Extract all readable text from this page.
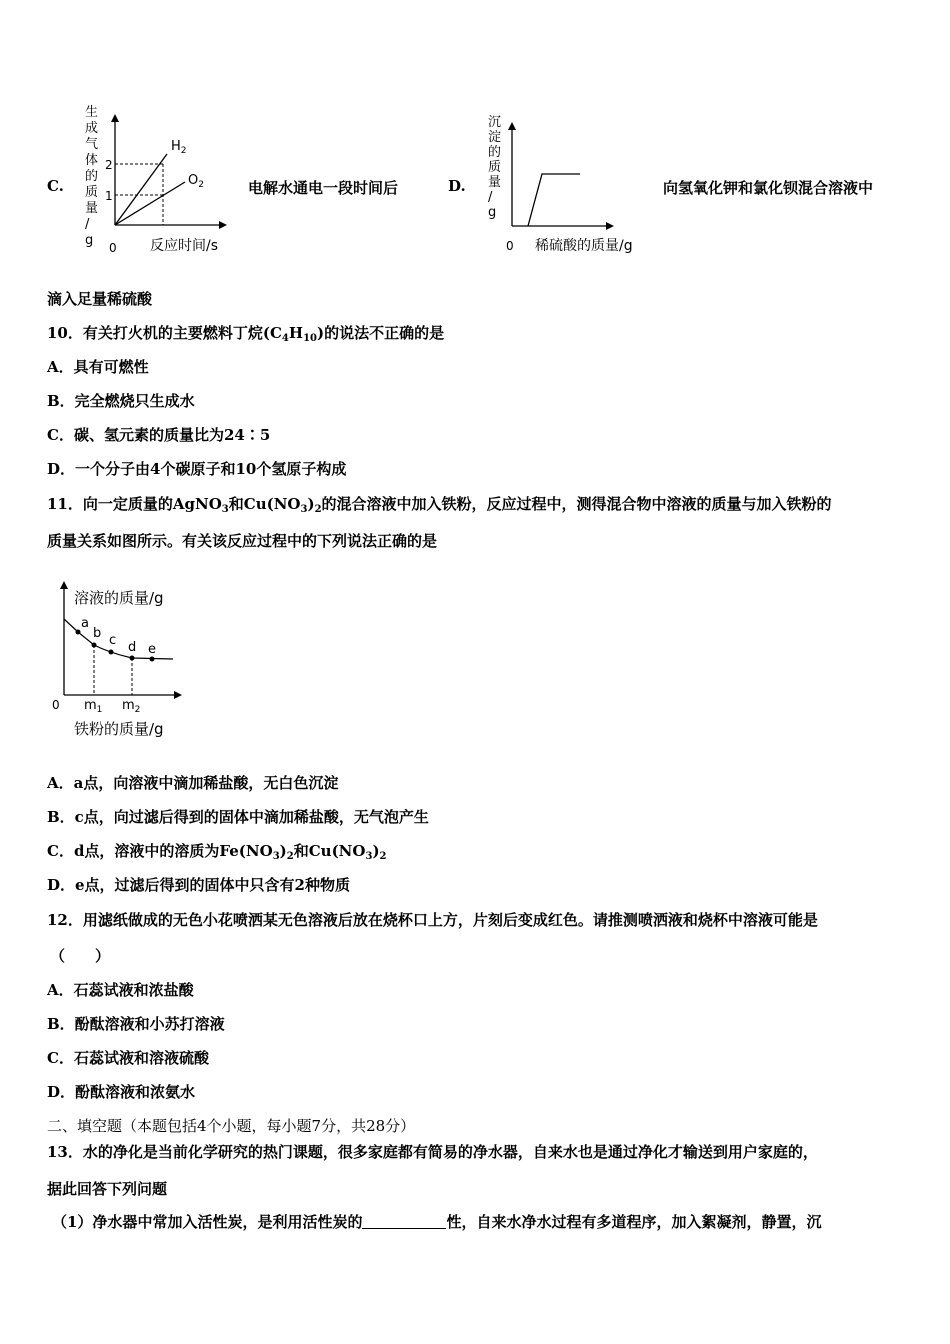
C.
生成气体的质量/ g
$H_2$
$O_2$
2
1
0 反应时间/s
电解水通电一段时间后	D.
沉淀的质量/ g
0 稀硫酸的质量/g
向氢氧化钾和氯化钡混合溶液中
滴入足量稀硫酸
10．有关打火机的主要燃料丁烷$(C_4H_{10})$的说法不正确的是
A．具有可燃性
B．完全燃烧只生成水
C．碳、氢元素的质量比为24∶5
D．一个分子由4个碳原子和10个氢原子构成
11．向一定质量的AgNO$_3$和$Cu(NO_3)_2$的混合溶液中加入铁粉，反应过程中，测得混合物中溶液的质量与加入铁粉的
质量关系如图所示。有关该反应过程中的下列说法正确的是
溶液的质量/g
a
b c d e
0 $m_1$ $m_2$
铁粉的质量/g
A．a点，向溶液中滴加稀盐酸，无白色沉淀
B．c点，向过滤后得到的固体中滴加稀盐酸，无气泡产生
C．d点，溶液中的溶质为$Fe(NO_3)_2$和$Cu(NO_3)_2$
D．e点，过滤后得到的固体中只含有2种物质
12．用滤纸做成的无色小花喷洒某无色溶液后放在烧杯口上方，片刻后变成红色。请推测喷洒液和烧杯中溶液可能是
（　　）
A．石蕊试液和浓盐酸
B．酚酞溶液和小苏打溶液
C．石蕊试液和溶液硫酸
D．酚酞溶液和浓氨水
二、填空题（本题包括4个小题，每小题7分，共28分）
13．水的净化是当前化学研究的热门课题，很多家庭都有简易的净水器，自来水也是通过净化才输送到用户家庭的，
据此回答下列问题
（1）净水器中常加入活性炭，是利用活性炭的	性，自来水净水过程有多道程序，加入絮凝剂，静置，沉
